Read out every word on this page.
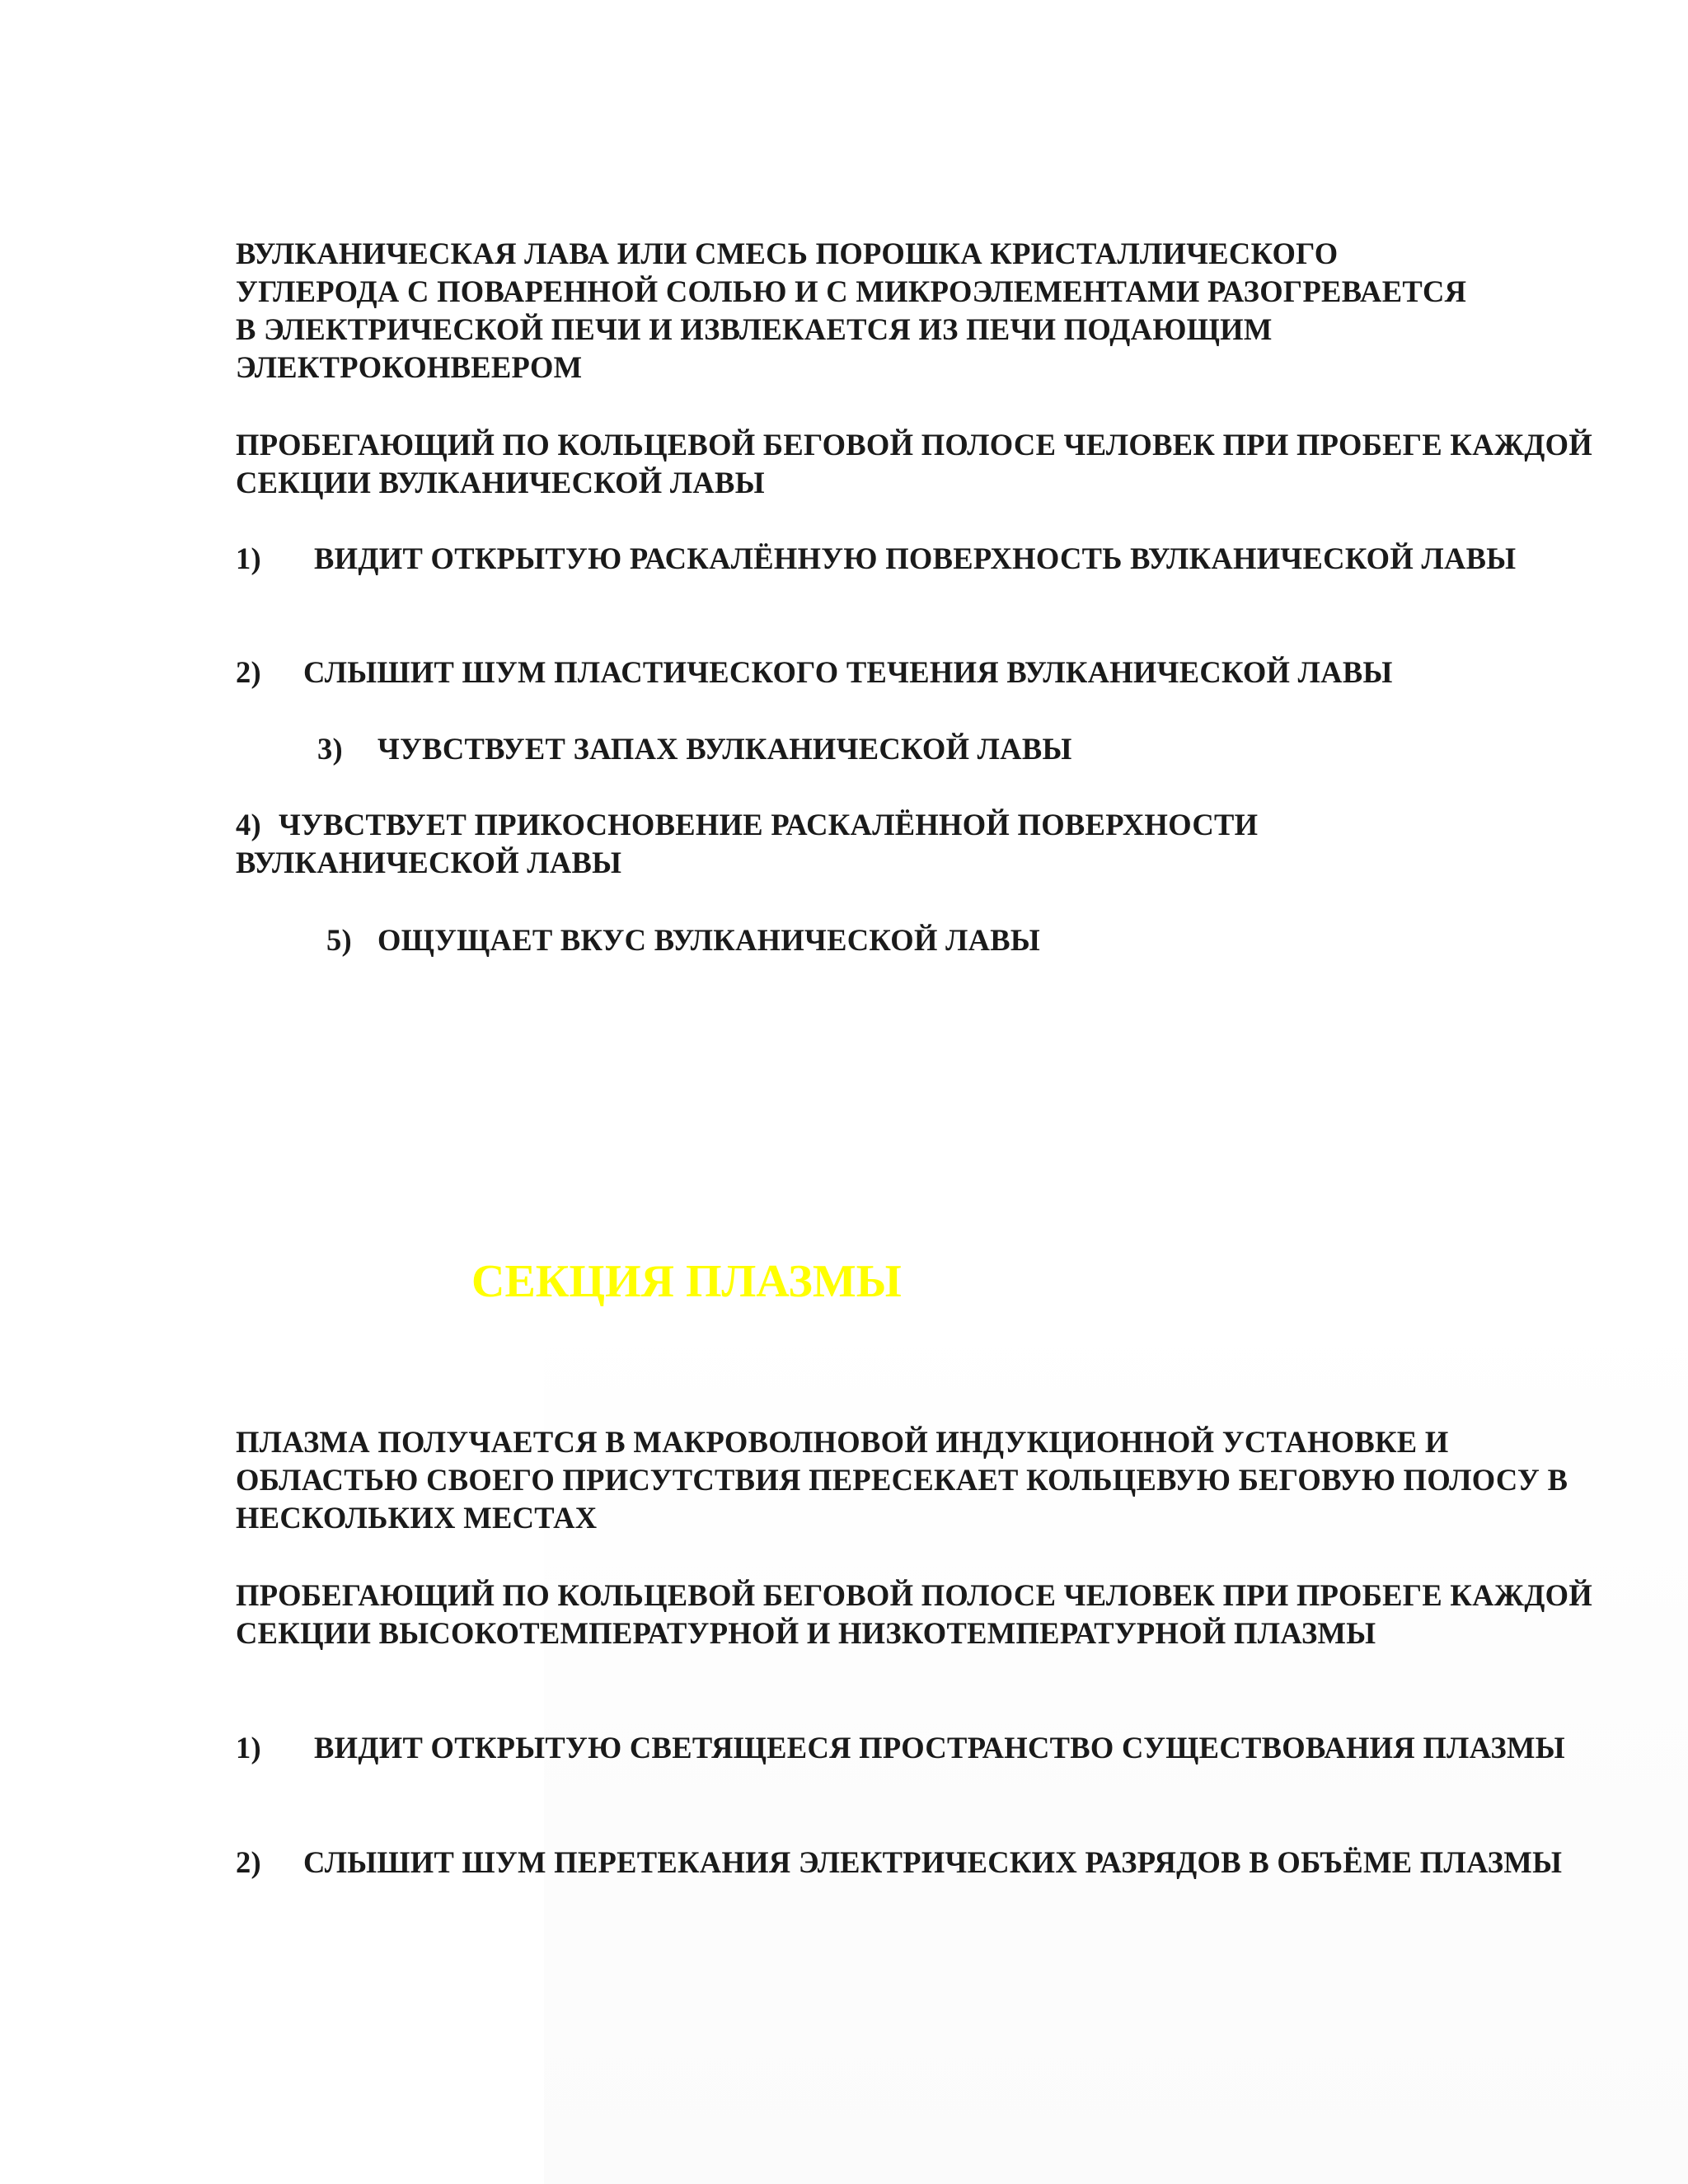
ВУЛКАНИЧЕСКАЯ ЛАВА ИЛИ СМЕСЬ ПОРОШКА КРИСТАЛЛИЧЕСКОГО УГЛЕРОДА С ПОВАРЕННОЙ СОЛЬЮ И С МИКРОЭЛЕМЕНТАМИ РАЗОГРЕВАЕТСЯ В ЭЛЕКТРИЧЕСКОЙ ПЕЧИ И ИЗВЛЕКАЕТСЯ ИЗ ПЕЧИ ПОДАЮЩИМ ЭЛЕКТРОКОНВЕЕРОМ

ПРОБЕГАЮЩИЙ ПО КОЛЬЦЕВОЙ БЕГОВОЙ ПОЛОСЕ ЧЕЛОВЕК ПРИ ПРОБЕГЕ КАЖДОЙ СЕКЦИИ ВУЛКАНИЧЕСКОЙ ЛАВЫ

1) ВИДИТ ОТКРЫТУЮ РАСКАЛЁННУЮ ПОВЕРХНОСТЬ ВУЛКАНИЧЕСКОЙ ЛАВЫ

2) СЛЫШИТ ШУМ ПЛАСТИЧЕСКОГО ТЕЧЕНИЯ ВУЛКАНИЧЕСКОЙ ЛАВЫ

3) ЧУВСТВУЕТ ЗАПАХ ВУЛКАНИЧЕСКОЙ ЛАВЫ

4) ЧУВСТВУЕТ ПРИКОСНОВЕНИЕ РАСКАЛЁННОЙ ПОВЕРХНОСТИ ВУЛКАНИЧЕСКОЙ ЛАВЫ

5) ОЩУЩАЕТ ВКУС ВУЛКАНИЧЕСКОЙ ЛАВЫ

СЕКЦИЯ ПЛАЗМЫ

ПЛАЗМА ПОЛУЧАЕТСЯ В МАКРОВОЛНОВОЙ ИНДУКЦИОННОЙ УСТАНОВКЕ И ОБЛАСТЬЮ СВОЕГО ПРИСУТСТВИЯ ПЕРЕСЕКАЕТ КОЛЬЦЕВУЮ БЕГОВУЮ ПОЛОСУ В НЕСКОЛЬКИХ МЕСТАХ

ПРОБЕГАЮЩИЙ ПО КОЛЬЦЕВОЙ БЕГОВОЙ ПОЛОСЕ ЧЕЛОВЕК ПРИ ПРОБЕГЕ КАЖДОЙ СЕКЦИИ ВЫСОКОТЕМПЕРАТУРНОЙ И НИЗКОТЕМПЕРАТУРНОЙ ПЛАЗМЫ

1) ВИДИТ ОТКРЫТУЮ СВЕТЯЩЕЕСЯ ПРОСТРАНСТВО СУЩЕСТВОВАНИЯ ПЛАЗМЫ

2) СЛЫШИТ ШУМ ПЕРЕТЕКАНИЯ ЭЛЕКТРИЧЕСКИХ РАЗРЯДОВ В ОБЪЁМЕ ПЛАЗМЫ
